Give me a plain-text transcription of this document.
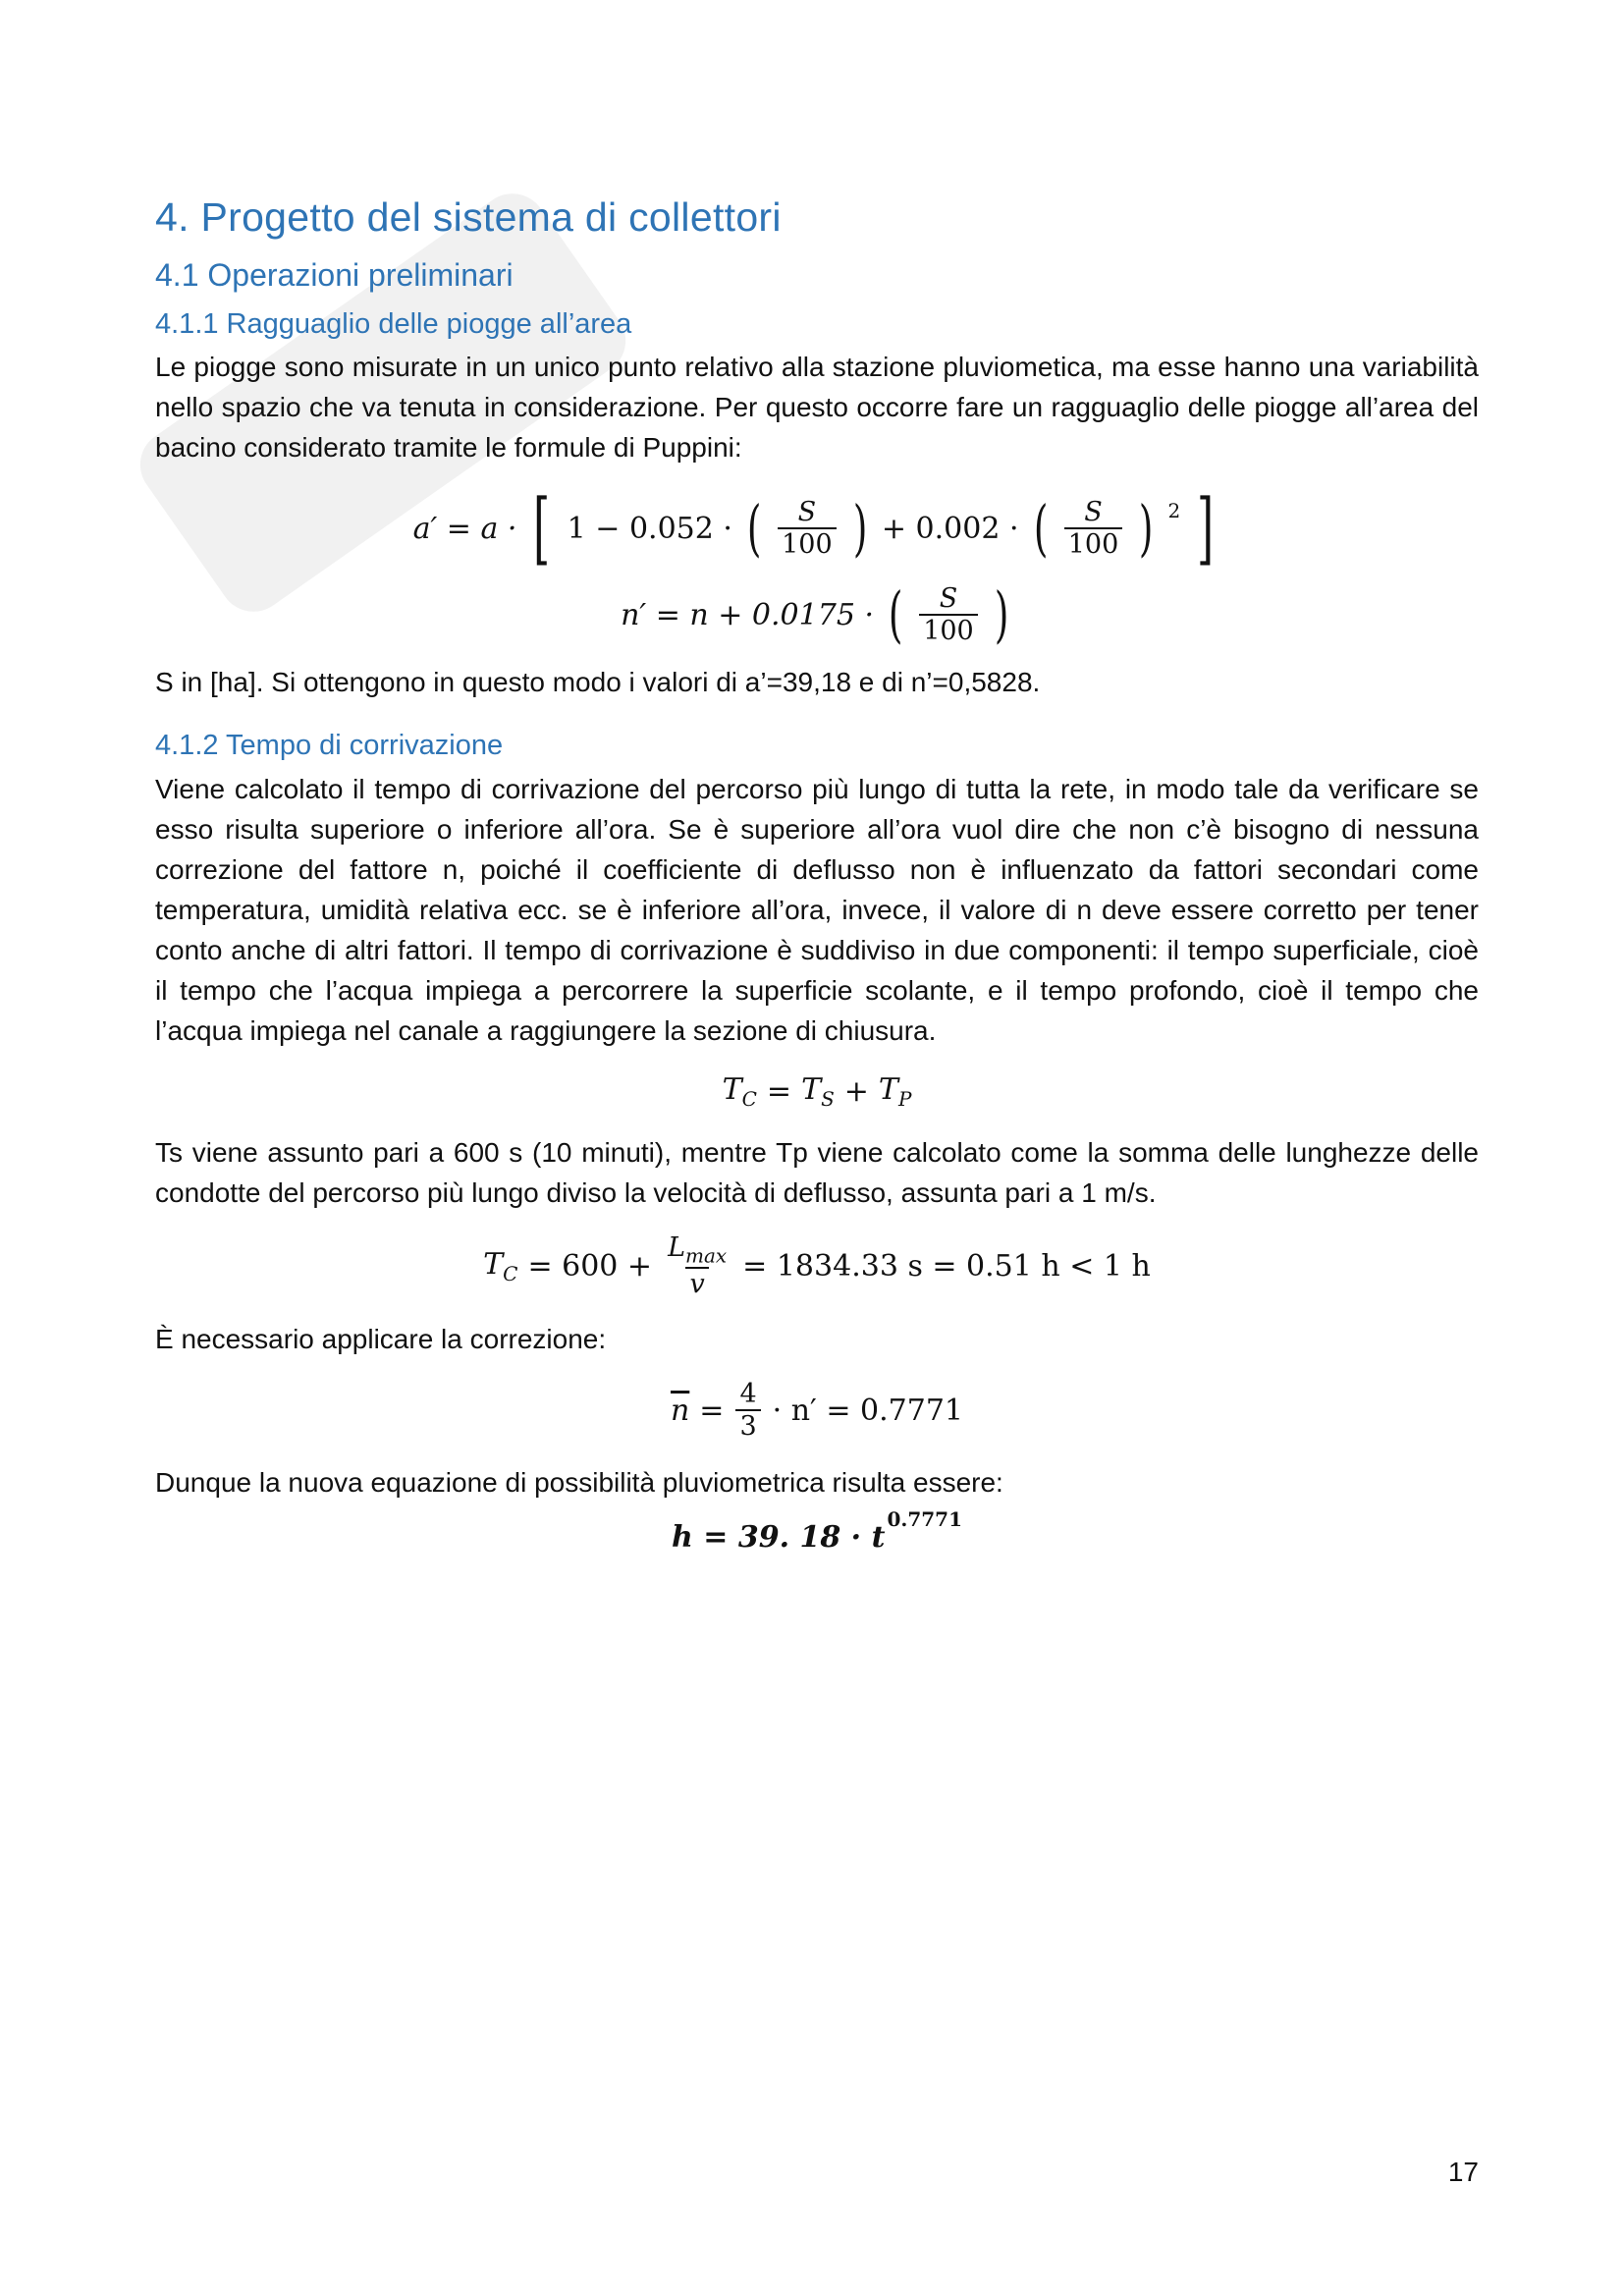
4. Progetto del sistema di collettori
4.1 Operazioni preliminari
4.1.1 Ragguaglio delle piogge all’area

Le piogge sono misurate in un unico punto relativo alla stazione pluviometica, ma esse hanno una variabilità nello spazio che va tenuta in considerazione. Per questo occorre fare un ragguaglio delle piogge all’area del bacino considerato tramite le formule di Puppini:

a′ = a · [ 1 − 0.052 · ( $\frac{S}{100}$ ) + 0.002 · ( $\frac{S}{100}$ ) 2 ]
n′ = n + 0.0175 · ( $\frac{S}{100}$ )

S in [ha]. Si ottengono in questo modo i valori di a’=39,18 e di n’=0,5828.

4.1.2 Tempo di corrivazione

Viene calcolato il tempo di corrivazione del percorso più lungo di tutta la rete, in modo tale da verificare se esso risulta superiore o inferiore all’ora. Se è superiore all’ora vuol dire che non c’è bisogno di nessuna correzione del fattore n, poiché il coefficiente di deflusso non è influenzato da fattori secondari come temperatura, umidità relativa ecc. se è inferiore all’ora, invece, il valore di n deve essere corretto per tener conto anche di altri fattori. Il tempo di corrivazione è suddiviso in due componenti: il tempo superficiale, cioè il tempo che l’acqua impiega a percorrere la superficie scolante, e il tempo profondo, cioè il tempo che l’acqua impiega nel canale a raggiungere la sezione di chiusura.

$T_C = T_S + T_P$

Ts viene assunto pari a 600 s (10 minuti), mentre Tp viene calcolato come la somma delle lunghezze delle condotte del percorso più lungo diviso la velocità di deflusso, assunta pari a 1 m/s.

$T_C = 600 + \frac{L_{max}}{v} = 1834.33$ s = 0.51 h < 1 h

È necessario applicare la correzione:

$\overline{n} = \frac{4}{3} \cdot n' = 0.7771$

Dunque la nuova equazione di possibilità pluviometrica risulta essere:

h = 39. 18 · t
0.7771
17
